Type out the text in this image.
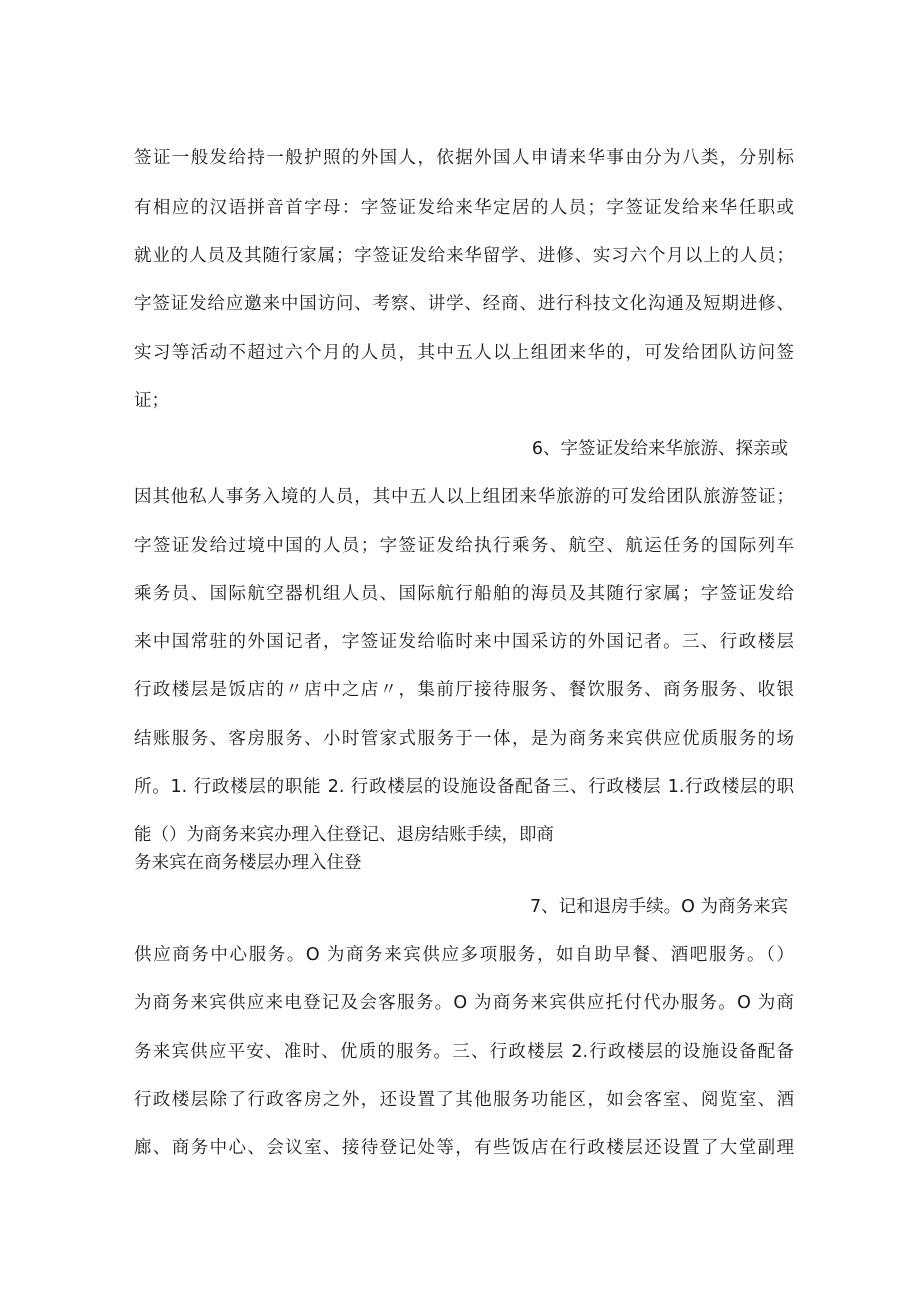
签证一般发给持一般护照的外国人，依据外国人申请来华事由分为八类，分别标
有相应的汉语拼音首字母：字签证发给来华定居的人员；字签证发给来华任职或
就业的人员及其随行家属；字签证发给来华留学、进修、实习六个月以上的人员；
字签证发给应邀来中国访问、考察、讲学、经商、进行科技文化沟通及短期进修、
实习等活动不超过六个月的人员，其中五人以上组团来华的，可发给团队访问签
证；
6、字签证发给来华旅游、探亲或
因其他私人事务入境的人员，其中五人以上组团来华旅游的可发给团队旅游签证；
字签证发给过境中国的人员；字签证发给执行乘务、航空、航运任务的国际列车
乘务员、国际航空器机组人员、国际航行船舶的海员及其随行家属；字签证发给
来中国常驻的外国记者，字签证发给临时来中国采访的外国记者。三、行政楼层
行政楼层是饭店的〃店中之店〃，集前厅接待服务、餐饮服务、商务服务、收银
结账服务、客房服务、小时管家式服务于一体，是为商务来宾供应优质服务的场
所。1. 行政楼层的职能 2. 行政楼层的设施设备配备三、行政楼层 1.行政楼层的职
能（）为商务来宾办理入住登记、退房结账手续，即商
务来宾在商务楼层办理入住登
7、记和退房手续。O 为商务来宾
供应商务中心服务。O 为商务来宾供应多项服务，如自助早餐、酒吧服务。（）
为商务来宾供应来电登记及会客服务。O 为商务来宾供应托付代办服务。O 为商
务来宾供应平安、准时、优质的服务。三、行政楼层 2.行政楼层的设施设备配备
行政楼层除了行政客房之外，还设置了其他服务功能区，如会客室、阅览室、酒
廊、商务中心、会议室、接待登记处等，有些饭店在行政楼层还设置了大堂副理
